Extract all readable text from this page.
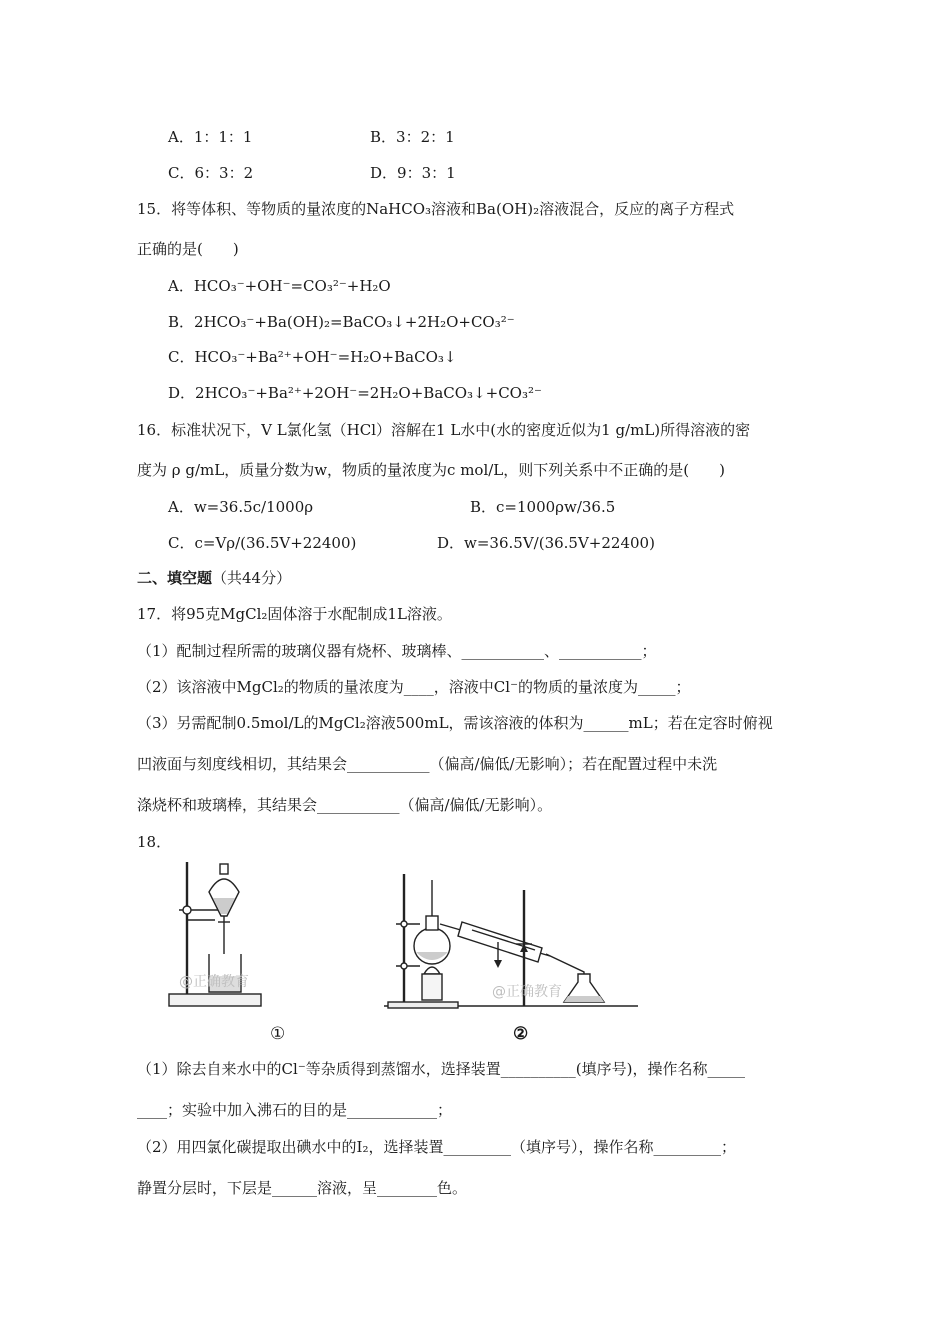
A．1：1：1	B．3：2：1
C．6：3：2	D．9：3：1
15．将等体积、等物质的量浓度的NaHCO₃溶液和Ba(OH)₂溶液混合，反应的离子方程式
正确的是(　　)
A．HCO₃⁻+OH⁻=CO₃²⁻+H₂O
B．2HCO₃⁻+Ba(OH)₂=BaCO₃↓+2H₂O+CO₃²⁻
C．HCO₃⁻+Ba²⁺+OH⁻=H₂O+BaCO₃↓
D．2HCO₃⁻+Ba²⁺+2OH⁻=2H₂O+BaCO₃↓+CO₃²⁻
16．标准状况下，V L氯化氢（HCl）溶解在1 L水中(水的密度近似为1 g/mL)所得溶液的密
度为 ρ g/mL，质量分数为w，物质的量浓度为c mol/L，则下列关系中不正确的是(　　)
A．w=36.5c/1000ρ	B．c=1000ρw/36.5
C．c=Vρ/(36.5V+22400)	D．w=36.5V/(36.5V+22400)
二、填空题（共44分）
17．将95克MgCl₂固体溶于水配制成1L溶液。
（1）配制过程所需的玻璃仪器有烧杯、玻璃棒、___________、___________；
（2）该溶液中MgCl₂的物质的量浓度为____，溶液中Cl⁻的物质的量浓度为_____；
（3）另需配制0.5mol/L的MgCl₂溶液500mL，需该溶液的体积为______mL；若在定容时俯视
凹液面与刻度线相切，其结果会___________（偏高/偏低/无影响）；若在配置过程中未洗
涤烧杯和玻璃棒，其结果会___________（偏高/偏低/无影响）。
18．
@正确教育
①
@正确教育
②
（1）除去自来水中的Cl⁻等杂质得到蒸馏水，选择装置__________(填序号)，操作名称_____
____；实验中加入沸石的目的是____________；
（2）用四氯化碳提取出碘水中的I₂，选择装置_________（填序号），操作名称_________；
静置分层时，下层是______溶液，呈________色。
